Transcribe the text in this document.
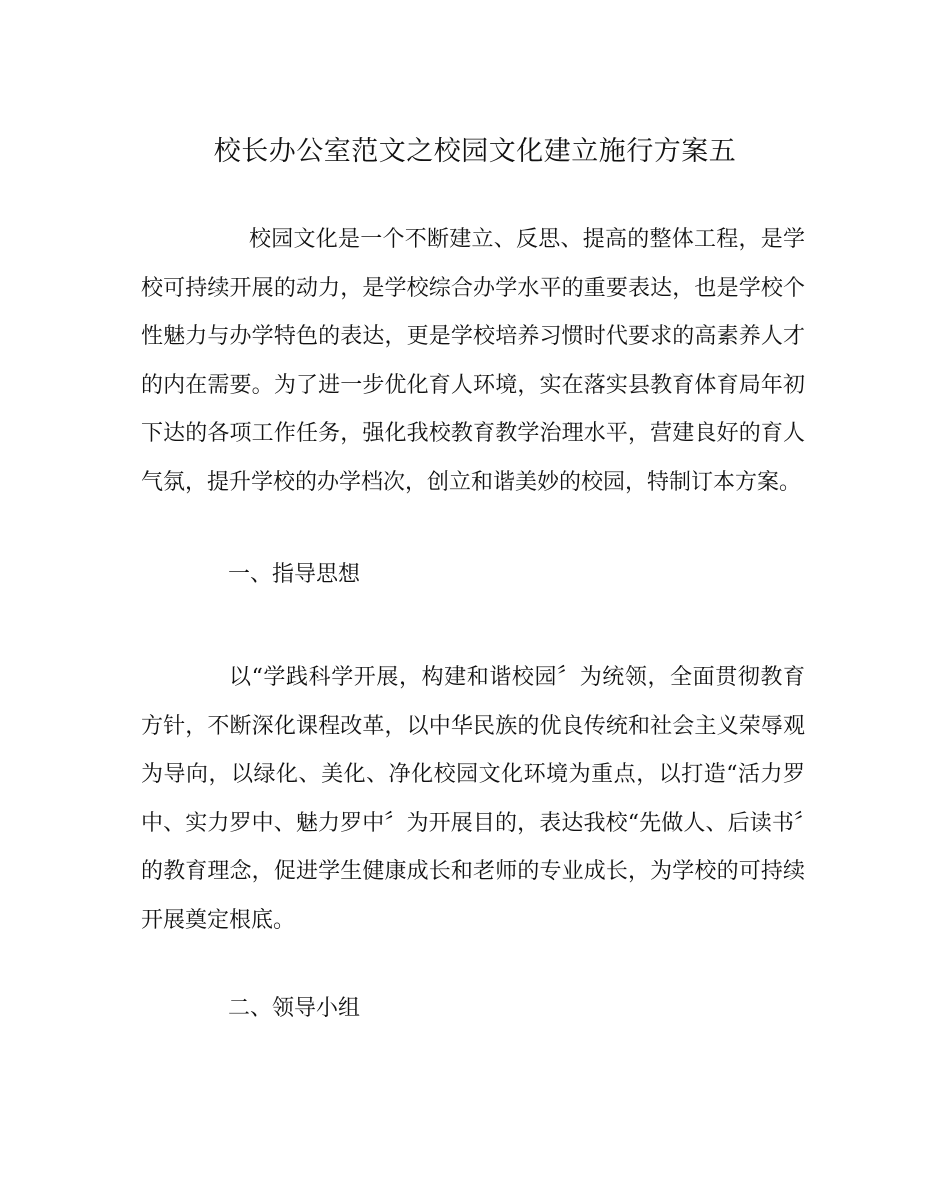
校长办公室范文之校园文化建立施行方案五

校园文化是一个不断建立、反思、提高的整体工程，是学校可持续开展的动力，是学校综合办学水平的重要表达，也是学校个性魅力与办学特色的表达，更是学校培养习惯时代要求的高素养人才的内在需要。为了进一步优化育人环境，实在落实县教育体育局年初下达的各项工作任务，强化我校教育教学治理水平，营建良好的育人气氛，提升学校的办学档次，创立和谐美妙的校园，特制订本方案。

一、指导思想

以“学践科学开展，构建和谐校园〞为统领，全面贯彻教育方针，不断深化课程改革，以中华民族的优良传统和社会主义荣辱观为导向，以绿化、美化、净化校园文化环境为重点，以打造“活力罗中、实力罗中、魅力罗中〞为开展目的，表达我校“先做人、后读书〞的教育理念，促进学生健康成长和老师的专业成长，为学校的可持续开展奠定根底。

二、领导小组
